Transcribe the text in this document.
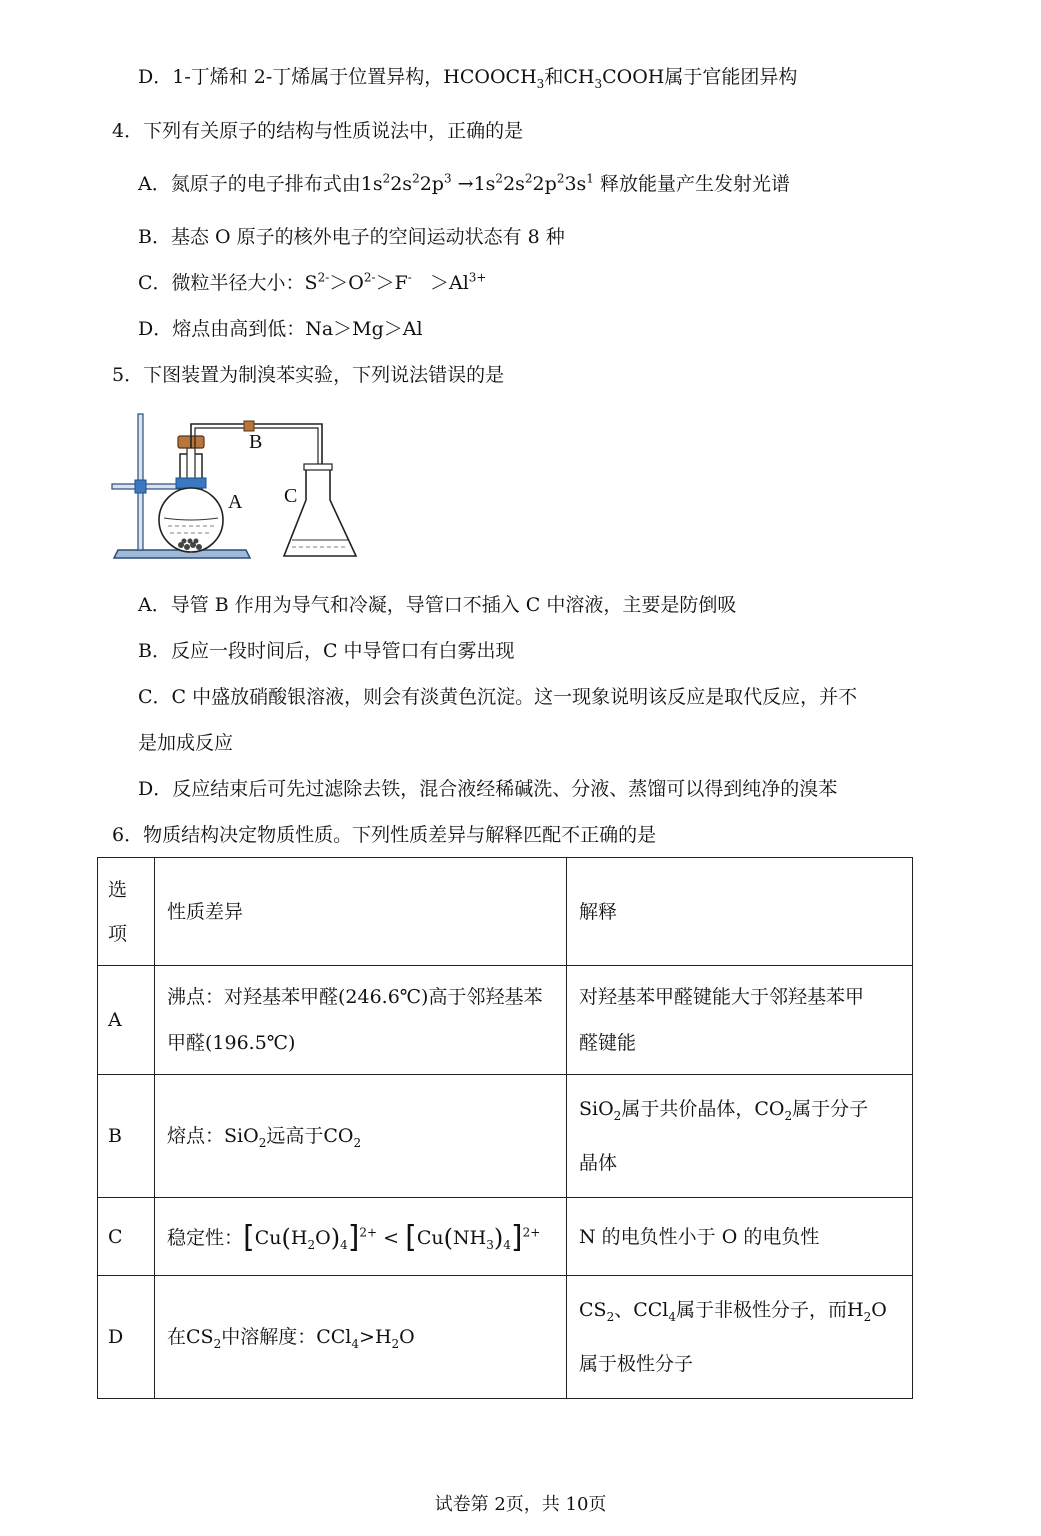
D．1-丁烯和 2-丁烯属于位置异构，$HCOOCH_3$和$CH_3COOH$属于官能团异构
4．下列有关原子的结构与性质说法中，正确的是
A．氮原子的电子排布式由$1s^22s^22p^3 \to 1s^22s^22p^23s^1$ 释放能量产生发射光谱
B．基态 O 原子的核外电子的空间运动状态有 8 种
C．微粒半径大小：$S^{2-}>O^{2-}>F^- >Al^{3+}$
D．熔点由高到低：Na＞Mg＞Al
5．下图装置为制溴苯实验，下列说法错误的是
A
B
C
A．导管 B 作用为导气和冷凝，导管口不插入 C 中溶液，主要是防倒吸
B．反应一段时间后，C 中导管口有白雾出现
C．C 中盛放硝酸银溶液，则会有淡黄色沉淀。这一现象说明该反应是取代反应，并不
是加成反应
D．反应结束后可先过滤除去铁，混合液经稀碱洗、分液、蒸馏可以得到纯净的溴苯
6．物质结构决定物质性质。下列性质差异与解释匹配不正确的是
选
项	性质差异	解释
A	沸点：对羟基苯甲醛(246.6℃)高于邻羟基苯
甲醛(196.5℃)	对羟基苯甲醛键能大于邻羟基苯甲
醛键能
B	熔点：SiO$_2$远高于$CO_2$	SiO$_2$属于共价晶体，$CO_2$属于分子
晶体
C	稳定性：$[Cu(H_2O)_4]^{2+} < [Cu(NH_3)_4]^{2+}$	N 的电负性小于 O 的电负性
D	在$CS_2$中溶解度：$CCl_4>H_2O$	$CS_2$、CCl$_4$属于非极性分子，而$H_2O$
属于极性分子
试卷第 2页，共 10页
